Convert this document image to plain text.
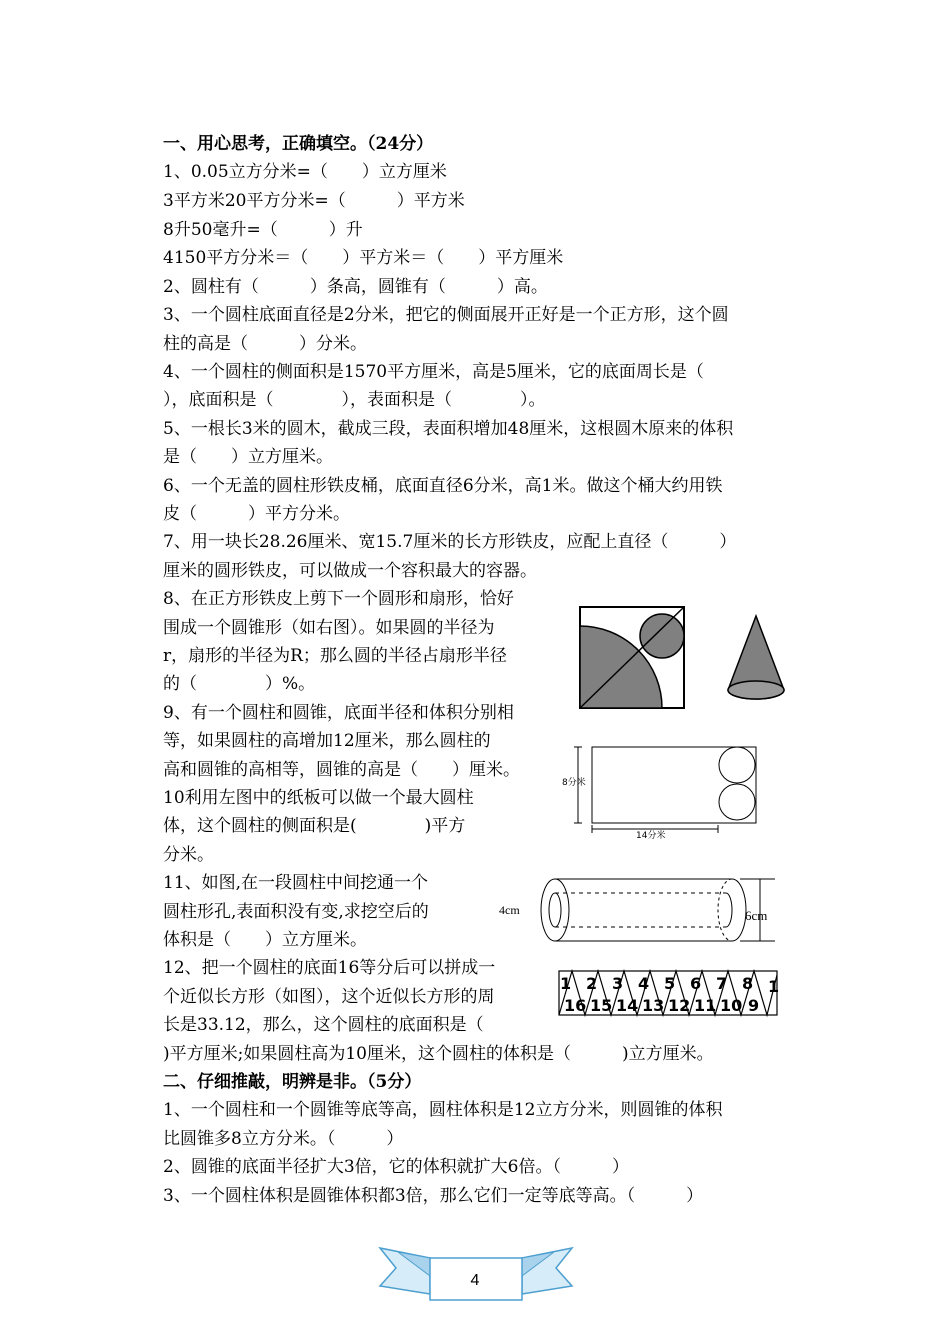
一、用心思考，正确填空。（24分）
1、0.05立方分米=（　　）立方厘米
3平方米20平方分米=（　　　）平方米
8升50毫升=（　　　）升
4150平方分米＝（　　）平方米＝（　　）平方厘米
2、圆柱有（　　　）条高，圆锥有（　　　）高。
3、一个圆柱底面直径是2分米，把它的侧面展开正好是一个正方形，这个圆
柱的高是（　　　）分米。
4、一个圆柱的侧面积是1570平方厘米，高是5厘米，它的底面周长是（
），底面积是（　　　　），表面积是（　　　　）。
5、一根长3米的圆木，截成三段，表面积增加48厘米，这根圆木原来的体积
是（　　）立方厘米。
6、一个无盖的圆柱形铁皮桶，底面直径6分米，高1米。做这个桶大约用铁
皮（　　　）平方分米。
7、用一块长28.26厘米、宽15.7厘米的长方形铁皮，应配上直径（　　　）
厘米的圆形铁皮，可以做成一个容积最大的容器。
8、在正方形铁皮上剪下一个圆形和扇形，恰好
围成一个圆锥形（如右图）。如果圆的半径为
r，扇形的半径为R；那么圆的半径占扇形半径
的（　　　　）%。
9、有一个圆柱和圆锥，底面半径和体积分别相
等，如果圆柱的高增加12厘米，那么圆柱的
高和圆锥的高相等，圆锥的高是（　　）厘米。
10利用左图中的纸板可以做一个最大圆柱
体，这个圆柱的侧面积是(　　　　)平方
分米。
11、如图,在一段圆柱中间挖通一个
圆柱形孔,表面积没有变,求挖空后的
体积是（　　）立方厘米。
12、把一个圆柱的底面16等分后可以拼成一
个近似长方形（如图），这个近似长方形的周
长是33.12，那么，这个圆柱的底面积是（
)平方厘米;如果圆柱高为10厘米，这个圆柱的体积是（　　　)立方厘米。
二、仔细推敲，明辨是非。（5分）
1、一个圆柱和一个圆锥等底等高，圆柱体积是12立方分米，则圆锥的体积
比圆锥多8立方分米。（　　　）
2、圆锥的底面半径扩大3倍，它的体积就扩大6倍。（　　　）
3、一个圆柱体积是圆锥体积都3倍，那么它们一定等底等高。（　　　）
8分米
14分米
4cm	6cm
1 2 3 4 5 6 7 8 1
16 15 14 13 12 11 10 9
4
